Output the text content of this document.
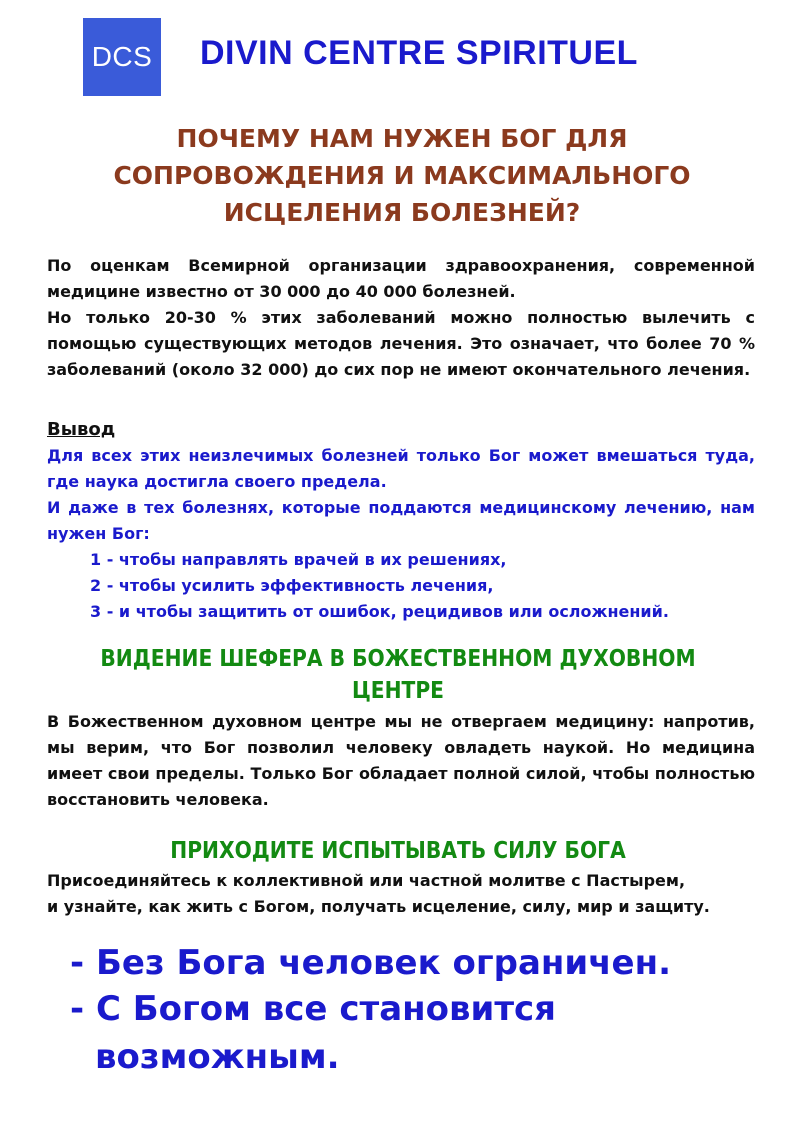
DCS DIVIN CENTRE SPIRITUEL
ПОЧЕМУ НАМ НУЖЕН БОГ ДЛЯ
СОПРОВОЖДЕНИЯ И МАКСИМАЛЬНОГО
ИСЦЕЛЕНИЯ БОЛЕЗНЕЙ?

По оценкам Всемирной организации здравоохранения, современной медицине известно от 30 000 до 40 000 болезней.

Но только 20-30 % этих заболеваний можно полностью вылечить с помощью существующих методов лечения. Это означает, что более 70 % заболеваний (около 32 000) до сих пор не имеют окончательного лечения.

Вывод

Для всех этих неизлечимых болезней только Бог может вмешаться туда, где наука достигла своего предела.

И даже в тех болезнях, которые поддаются медицинскому лечению, нам нужен Бог:

1 - чтобы направлять врачей в их решениях,
2 - чтобы усилить эффективность лечения,
3 - и чтобы защитить от ошибок, рецидивов или осложнений.
ВИДЕНИЕ ШЕФЕРА В БОЖЕСТВЕННОМ ДУХОВНОМ
ЦЕНТРЕ

В Божественном духовном центре мы не отвергаем медицину: напротив, мы верим, что Бог позволил человеку овладеть наукой. Но медицина имеет свои пределы. Только Бог обладает полной силой, чтобы полностью восстановить человека.

ПРИХОДИТЕ ИСПЫТЫВАТЬ СИЛУ БОГА
Присоединяйтесь к коллективной или частной молитве с Пастырем,
и узнайте, как жить с Богом, получать исцеление, силу, мир и защиту.
- Без Бога человек ограничен.
- С Богом все становится
возможным.
